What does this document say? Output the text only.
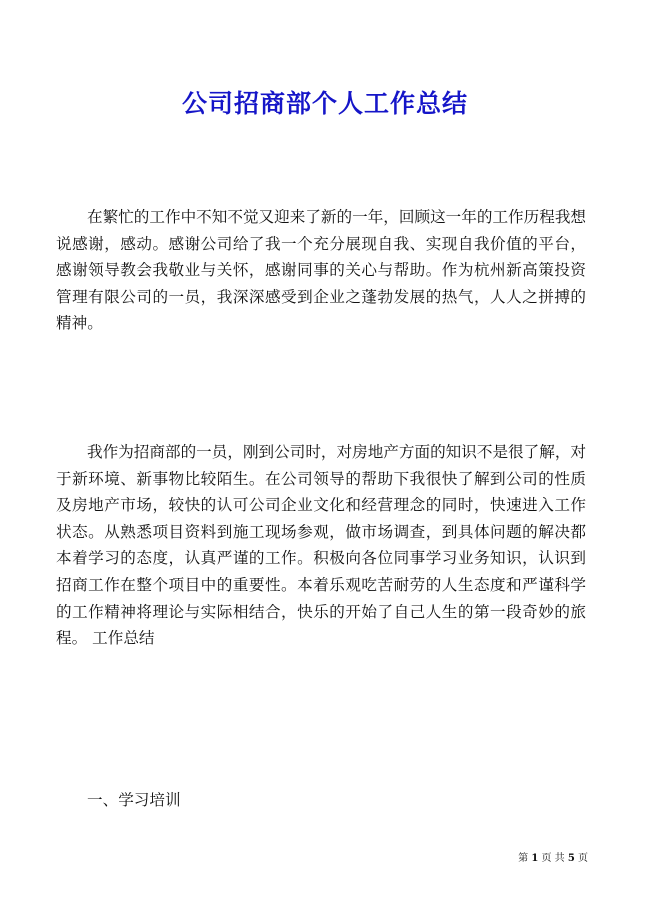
公司招商部个人工作总结

在繁忙的工作中不知不觉又迎来了新的一年，回顾这一年的工作历程我想说感谢，感动。感谢公司给了我一个充分展现自我、实现自我价值的平台，感谢领导教会我敬业与关怀，感谢同事的关心与帮助。作为杭州新高策投资管理有限公司的一员，我深深感受到企业之蓬勃发展的热气，人人之拼搏的精神。

我作为招商部的一员，刚到公司时，对房地产方面的知识不是很了解，对于新环境、新事物比较陌生。在公司领导的帮助下我很快了解到公司的性质及房地产市场，较快的认可公司企业文化和经营理念的同时，快速进入工作状态。从熟悉项目资料到施工现场参观，做市场调查，到具体问题的解决都本着学习的态度，认真严谨的工作。积极向各位同事学习业务知识，认识到招商工作在整个项目中的重要性。本着乐观吃苦耐劳的人生态度和严谨科学的工作精神将理论与实际相结合，快乐的开始了自己人生的第一段奇妙的旅程。 工作总结

一、学习培训
第 1 页 共 5 页
